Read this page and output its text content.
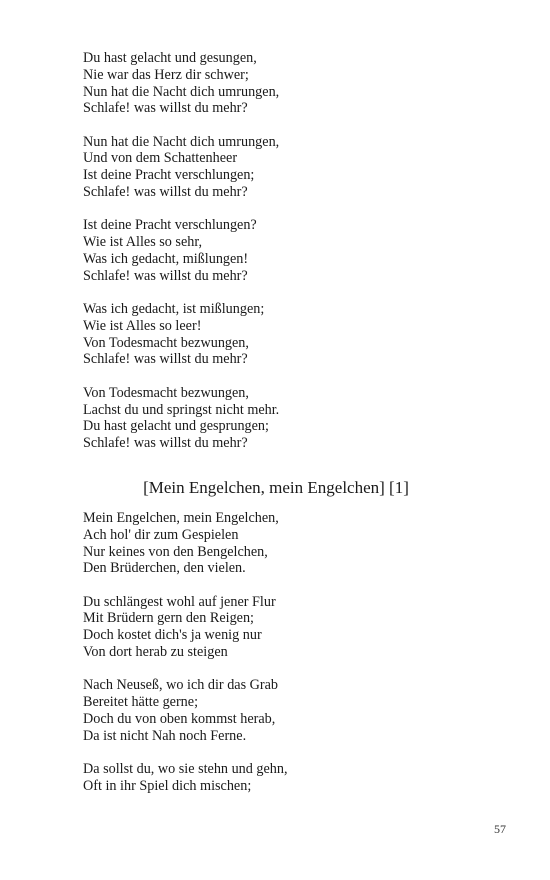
Du hast gelacht und gesungen,
Nie war das Herz dir schwer;
Nun hat die Nacht dich umrungen,
Schlafe! was willst du mehr?
Nun hat die Nacht dich umrungen,
Und von dem Schattenheer
Ist deine Pracht verschlungen;
Schlafe! was willst du mehr?
Ist deine Pracht verschlungen?
Wie ist Alles so sehr,
Was ich gedacht, mißlungen!
Schlafe! was willst du mehr?
Was ich gedacht, ist mißlungen;
Wie ist Alles so leer!
Von Todesmacht bezwungen,
Schlafe! was willst du mehr?
Von Todesmacht bezwungen,
Lachst du und springst nicht mehr.
Du hast gelacht und gesprungen;
Schlafe! was willst du mehr?
[Mein Engelchen, mein Engelchen] [1]
Mein Engelchen, mein Engelchen,
Ach hol' dir zum Gespielen
Nur keines von den Bengelchen,
Den Brüderchen, den vielen.
Du schlängest wohl auf jener Flur
Mit Brüdern gern den Reigen;
Doch kostet dich's ja wenig nur
Von dort herab zu steigen
Nach Neuseß, wo ich dir das Grab
Bereitet hätte gerne;
Doch du von oben kommst herab,
Da ist nicht Nah noch Ferne.
Da sollst du, wo sie stehn und gehn,
Oft in ihr Spiel dich mischen;
57
